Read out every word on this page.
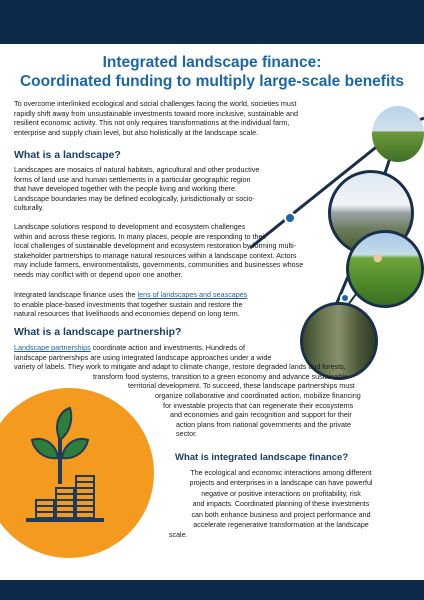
Integrated landscape finance:
Coordinated funding to multiply large-scale benefits
To overcome interlinked ecological and social challenges facing the world, societies must
rapidly shift away from unsustainable investments toward more inclusive, sustainable and
resilient economic activity. This not only requires transformations at the individual farm,
enterprise and supply chain level, but also holistically at the landscape scale.
What is a landscape?
Landscapes are mosaics of natural habitats, agricultural and other productive
forms of land use and human settlements in a particular geographic region
that have developed together with the people living and working there.
Landscape boundaries may be defined ecologically, jurisdictionally or socio-
culturally.
Landscape solutions respond to development and ecosystem challenges
within and across these regions. In many places, people are responding to their
local challenges of sustainable development and ecosystem restoration by forming multi-
stakeholder partnerships to manage natural resources within a landscape context. Actors
may include farmers, environmentalists, governments, communities and businesses whose
needs may conflict with or depend upon one another.
Integrated landscape finance uses the lens of landscapes and seascapes
to enable place-based investments that together sustain and restore the
natural resources that livelihoods and economies depend on long term.
What is a landscape partnership?
Landscape partnerships coordinate action and investments. Hundreds of
landscape partnerships are using integrated landscape approaches under a wide
variety of labels. They work to mitigate and adapt to climate change, restore degraded lands and forests,
transform food systems, transition to a green economy and advance sustainable
territorial development. To succeed, these landscape partnerships must
organize collaborative and coordinated action, mobilize financing
for investable projects that can regenerate their ecosystems
and economies and gain recognition and support for their
action plans from national governments and the private
sector.
What is integrated landscape finance?
The ecological and economic interactions among different
projects and enterprises in a landscape can have powerful
negative or positive interactions on profitability, risk
and impacts. Coordinated planning of these investments
can both enhance business and project performance and
accelerate regenerative transformation at the landscape
scale.
